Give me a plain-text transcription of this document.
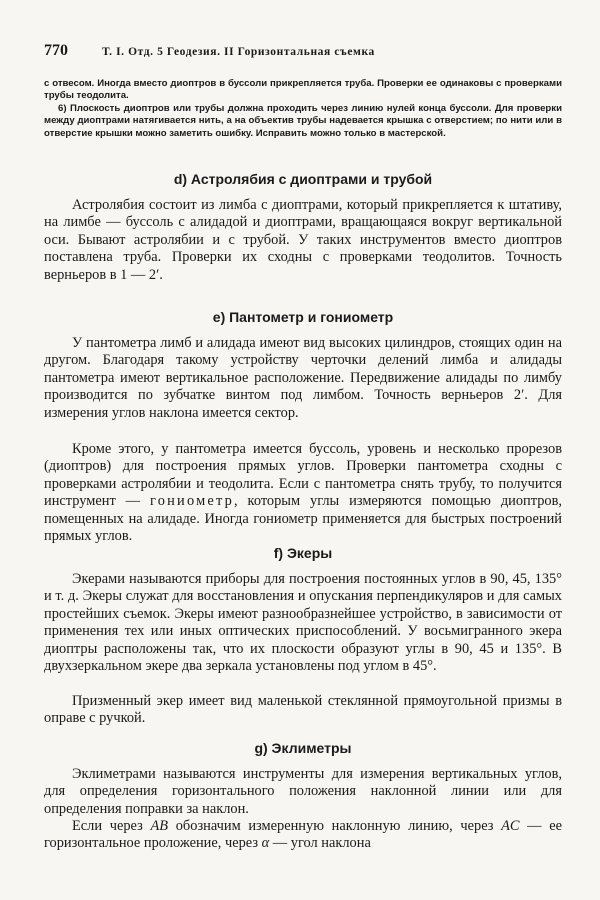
770	Т. I. Отд. 5 Геодезия. II Горизонтальная съемка

с отвесом. Иногда вместо диоптров в буссоли прикрепляется труба. Проверки ее одинаковы с проверками трубы теодолита.

6) Плоскость диоптров или трубы должна проходить через линию нулей конца буссоли. Для проверки между диоптрами натягивается нить, а на объектив трубы надевается крышка с отверстием; по нити или в отверстие крышки можно заметить ошибку. Исправить можно только в мастерской.

d) Астролябия с диоптрами и трубой

Астролябия состоит из лимба с диоптрами, который прикрепляется к штативу, на лимбе — буссоль с алидадой и диоптрами, вращающаяся вокруг вертикальной оси. Бывают астролябии и с трубой. У таких инструментов вместо диоптров поставлена труба. Проверки их сходны с проверками теодолитов. Точность верньеров в 1 — 2′.

е) Пантометр и гониометр

У пантометра лимб и алидада имеют вид высоких цилиндров, стоящих один на другом. Благодаря такому устройству черточки делений лимба и алидады пантометра имеют вертикальное расположение. Передвижение алидады по лимбу производится по зубчатке винтом под лимбом. Точность верньеров 2′. Для измерения углов наклона имеется сектор.

Кроме этого, у пантометра имеется буссоль, уровень и несколько прорезов (диоптров) для построения прямых углов. Проверки пантометра сходны с проверками астролябии и теодолита. Если с пантометра снять трубу, то получится инструмент — гониометр, которым углы измеряются помощью диоптров, помещенных на алидаде. Иногда гониометр применяется для быстрых построений прямых углов.

f) Экеры

Экерами называются приборы для построения постоянных углов в 90, 45, 135° и т. д. Экеры служат для восстановления и опускания перпендикуляров и для самых простейших съемок. Экеры имеют разнообразнейшее устройство, в зависимости от применения тех или иных оптических приспособлений. У восьмигранного экера диоптры расположены так, что их плоскости образуют углы в 90, 45 и 135°. В двухзеркальном экере два зеркала установлены под углом в 45°.

Призменный экер имеет вид маленькой стеклянной прямоугольной призмы в оправе с ручкой.

g) Эклиметры

Эклиметрами называются инструменты для измерения вертикальных углов, для определения горизонтального положения наклонной линии или для определения поправки за наклон.

Если через AB обозначим измеренную наклонную линию, через AC — ее горизонтальное проложение, через α — угол наклона
